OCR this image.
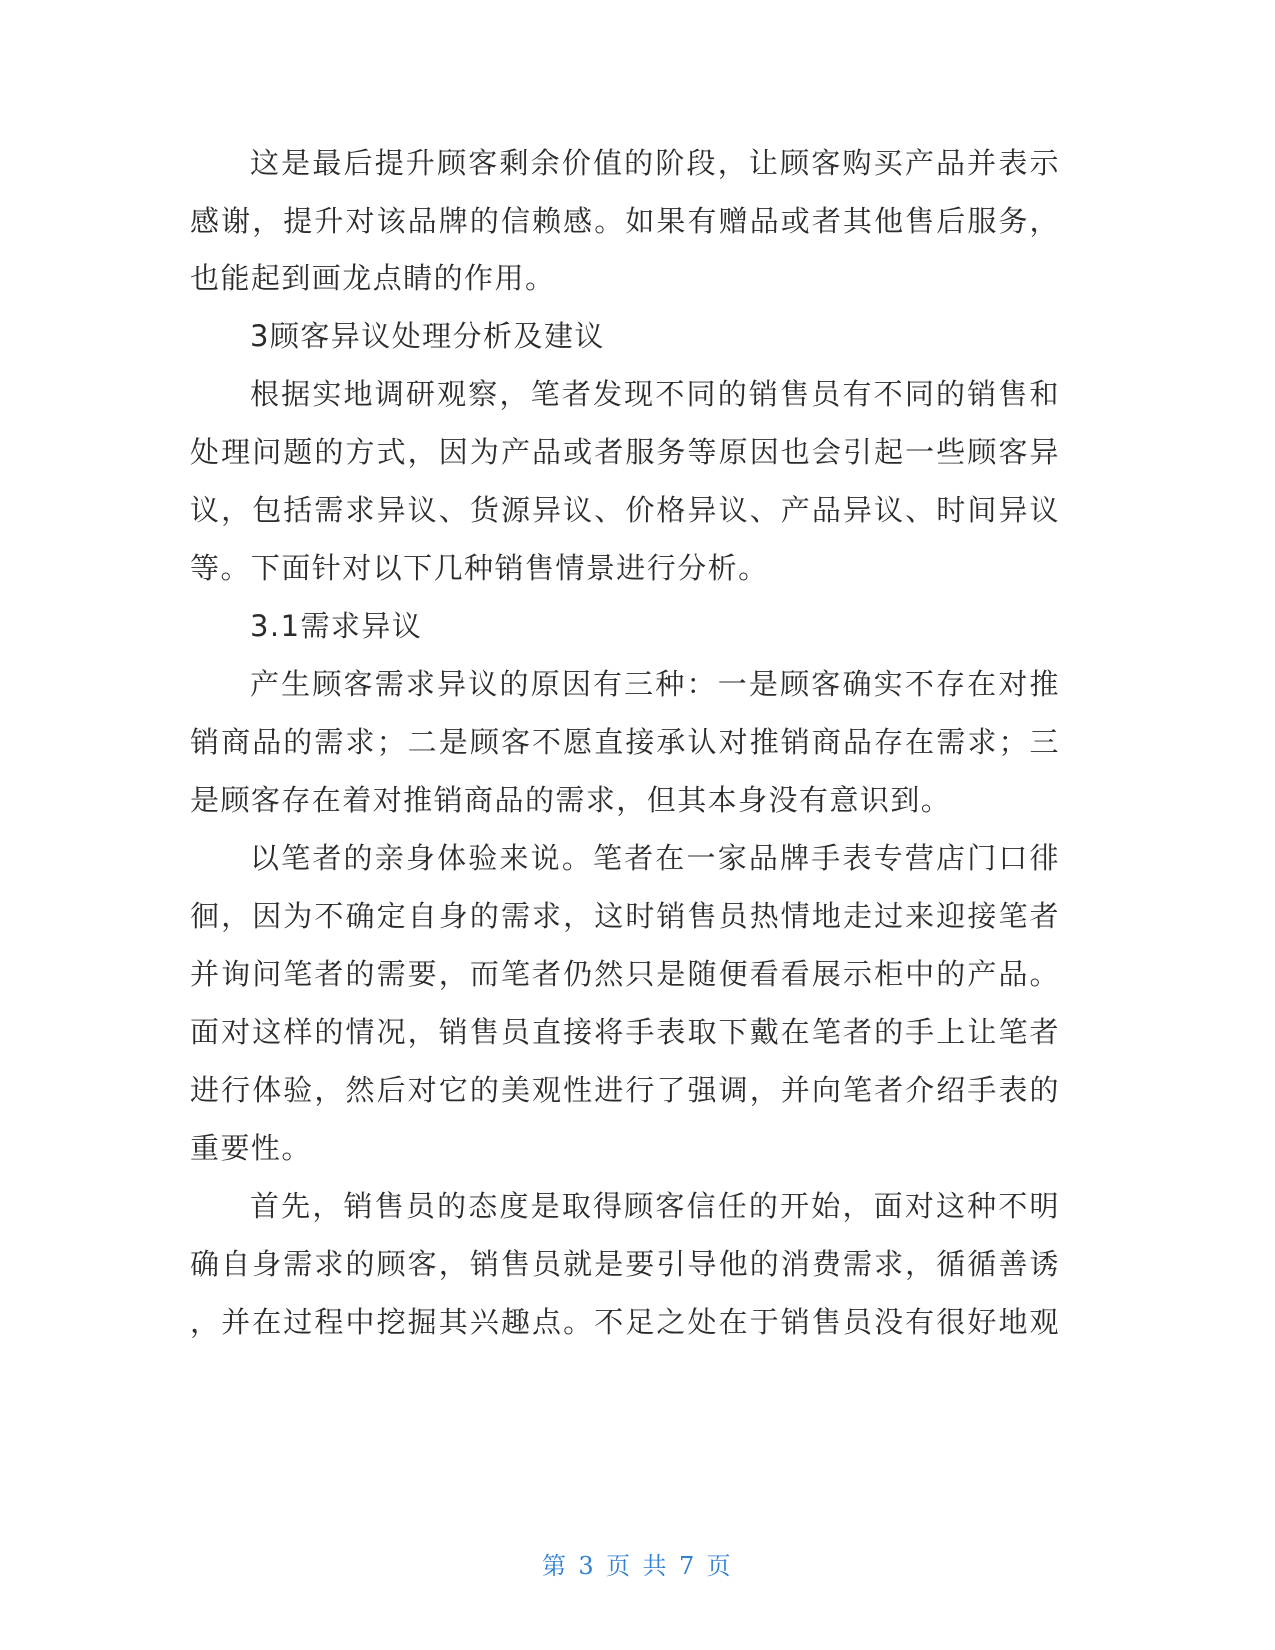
这是最后提升顾客剩余价值的阶段，让顾客购买产品并表示
感谢，提升对该品牌的信赖感。如果有赠品或者其他售后服务，
也能起到画龙点睛的作用。
3顾客异议处理分析及建议
根据实地调研观察，笔者发现不同的销售员有不同的销售和
处理问题的方式，因为产品或者服务等原因也会引起一些顾客异
议，包括需求异议、货源异议、价格异议、产品异议、时间异议
等。下面针对以下几种销售情景进行分析。
3.1需求异议
产生顾客需求异议的原因有三种：一是顾客确实不存在对推
销商品的需求；二是顾客不愿直接承认对推销商品存在需求；三
是顾客存在着对推销商品的需求，但其本身没有意识到。
以笔者的亲身体验来说。笔者在一家品牌手表专营店门口徘
徊，因为不确定自身的需求，这时销售员热情地走过来迎接笔者
并询问笔者的需要，而笔者仍然只是随便看看展示柜中的产品。
面对这样的情况，销售员直接将手表取下戴在笔者的手上让笔者
进行体验，然后对它的美观性进行了强调，并向笔者介绍手表的
重要性。
首先，销售员的态度是取得顾客信任的开始，面对这种不明
确自身需求的顾客，销售员就是要引导他的消费需求，循循善诱
，并在过程中挖掘其兴趣点。不足之处在于销售员没有很好地观
第 3 页 共 7 页
